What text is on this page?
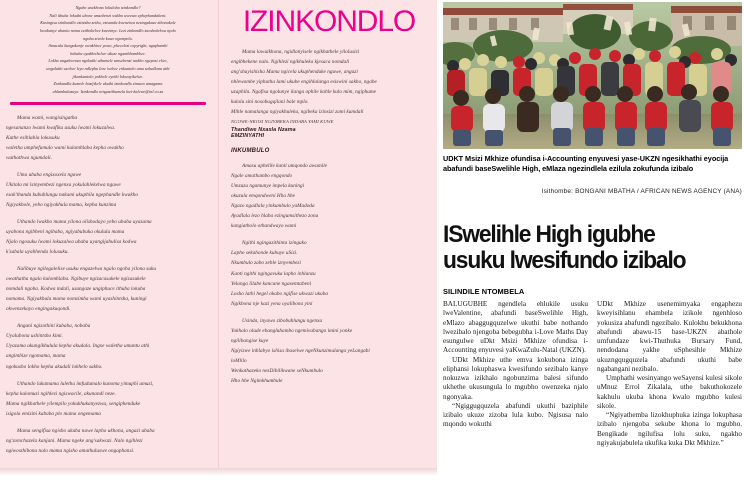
Ngabe unekhono lokuloba izinkondlo?

Nali ithuba lokuthi ubone umsebenzi wakho uvezwa ephephandabeni.

Kusingisa izinkondlo ezintsha zethu, ezisanda kwenziwa nezingakaze zibonakale

kwabanye abantu noma ezithokelwe kwezinye. Lezi zinkondlo zaoshokelwa njalo

ngoba zivela kuwe ngempela.

Amacala kungakunje owakhiwe yawo, phecelezi copyright, ngaphambi

kokuba uyakhethelwe ukuze ngambhamblwe.

Lokho ungakwenza ngokuthi uthumele umsebenzi wakho ngeposi elwe,

ungaluthi uxolwe leyo ndlephu leze ixolwe enkantolo uma sekudlana athi

jikankantolo yakhele eyethi lokwayikelwe.

Zonkandla kumele bazijikele ukuthi izinkondlo zinawo amagama

ahlambalazayo. Izinkondlo ningazithumela kwi-kalewe@inl.co.za

Mama wami, wangisingatha

ngesananzo lwami kwafika usuku lwami lokuzalwa.

Kuthe esihlabla lokusuku

waletha umphefumulo wami kulomhlaba kepha owakho

wathathwa ngumdali.

Uma ubaba engixoxela ngawe

Ukitala mi lsinyembezi ngenxa yokulahlekelwa nguwe

esak'thanda kubuhlungu nakami ukuphila ngephandle kwakho

Ngiyakhole, yebo ngiyakhula mama, kepha kunzima

Uthando lwakho mama yilona olishodayo yebo ubaba uyazama

uyabona ngibheni ngibaba, ngiyabubuka okululu mama

Njalo ngosuku lwami lokuzalwa ubaba uyangijabulisa kodwa

k'sabala uyabhenda lolusuku.

Nalibuye ngilogalelise usuku engazelwa ngalo ngoba yilona suku

owathatha ngalo kulomhlaba. Ngibuye ngizacasukele ngizasukele

nomdali ngoba. Kodwa mdali, usungaze ungiphuce ithuba lokuba

nomama. Ngiyakhula mama nomzimba wami uyashintsha, kuningi

okwenzekayo engingakuqondi.

Angani ngizothini kubaba, nobaba

Uyalubona ushintsho kimi.

Uyazama ukungikhulula kepha akudala. Ingxe waletha umuntu athi

angimbize ngomama, mama

ngokusho lokho kepha akudali lokhelo sakho.

Uthando lukamama luletha imfudumalo kunoma yimuphi umuzi,

kepha kulomuzi ngihlezi ngiswacile, akunandi neze.

Mama ngikhathele yilempilo yokukhukanyezwa, sengiphenduke

isigola emizini kababa plo mama ongemama

Mama sengifisa ngisho ukuba nawe lapho ukhona, angazi ubaba

ng'zomchazela kanjani. Mama ngeke ang'sakwazi. Nalo ngihlezi

ngiwosthibona nalo mama ngisho amathuluswe ongaphansi.

IZINKONDLO

Mama lawuikhona, ngidlanyisele ngikhathele yilolusizi

engibhekene nalo. Ngihlezi ngikhuleka kjesaca nomdali

ang'shayishisha Mama ngicela ukuphenduke nguwe, angazi

nhlewombe yiphutha lami ukube engihlalanga esiswini sakho, ngabe

uzaphila. Ngafisa ngolunye ilanga ophile kahle kulo mim, ngiphume

kulolu sini nosobugqilani bale mplo.

Mihle namalanga ngiyakhuleka, ngibeka izinsizi zami kumdali

NGOWE-NKOSI NGIYIBEKA INDABA YAMI KUWE
Thandiwe Nxaxla Nzama
EMZINYATHI
INKUMBULO

Amasu aphelile kanti umqondo awumile

Ngale amathambo engqondo

Umzuzu ngamunye impela kuningi

okuzula emqondweni Hha hhe

Ngazo ngadlala yinkumbulo yaMadoda

Ayadlala lezo hlaba ezingumsithezo zona

kangiatholo othandwayo wami

Ngithi ngingazithinta izinguko

Lapho sekahonde kubuye uSizi.

Nkumbulo zabo zehle iznyembezi

Kanti ngithi ngingavuka lapho inhlanzu

Yelanga lilabe kancane ngasemtabeni

Losho lathi hegel okabo ngifise ukwazi ukuba

Ngikbona nje kazi yena oyalibona yini

Usinda, inyawo zibobuhlungu ngenxa

Yokhalo olude ebanglubambo ngemivabango imini yonke

ngilibangise kuye

Ngiyizwe inhlabyo ishisa ibaselwe ngeNkunzimalanga yeLangabi

loMlilo

Wenkathazeko nesDibilikwane seNkumbulo

Hho hhe Ngimkhumbule

UDKT Msizi Mkhize ofundisa i-Accounting enyuvesi yase-UKZN ngesikhathi eyocija abafundi baseSwelihle High, eMlaza ngezindlela ezilula zokufunda izibalo
Isithombe: BONGANI MBATHA / AFRICAN NEWS AGENCY (ANA)
ISwelihle High igubhe
usuku lwesifundo izibalo
SILINDILE NTOMBELA

BALUGUBHE ngendlela ehlukile usuku lweValentine, abafundi baseSwelihle High, eMlazo abaggugquzelwe ukuthi babe nothando lwezibalo njengoba bebegubha i-Love Maths Day esungulwe uDkt Msizi Mkhize ofundisa i-Accounting enyuvesi yaKwaZulu-Natal (UKZN).

UDkt Mkhize uthe emva kokubona izinga eliphansi lokuphaswa kwesifundo sezibalo kanye nokuzwa izikhalo ngobunzima balesi sifundo ukhethe ukusungula lo mgubho owenzeka njalo ngonyaka.

“Ngiggugquzela abafundi ukuthi baziphile izibalo ukuze zizoba lula kubo. Ngisusa nalo mqondo wokuthi

UDkt Mkhize usenemimyaka engaphezu kweyisihlanu ehambela izikole ngenhloso yokusiza abafundi ngezibalo. Kulokhu bekukhona abafundi abawu-15 base-UKZN abathole umfundaze kwi-Thuthuka Bursary Fund, nendodana yakhe uSphesihle Mkhize ukuzngqugquzela abafundi ukuthi babe ngabangani nezibalo.

Umphathi wesinyango weSayensi kulesi sikole uMnuz Errol Zikalala, uthe bakuthokozele kakhulu ukuba khona kwalo mgubho kulesi sikole.

“Ngiyathemba lizokhuphuka izinga lokuphasa izibalo njengoba sekube khona lo mgubho. Bengikade ngilufisa lolu suku, ngakho ngiyakujabulela ukufika kuka Dkt Mkhize.”
